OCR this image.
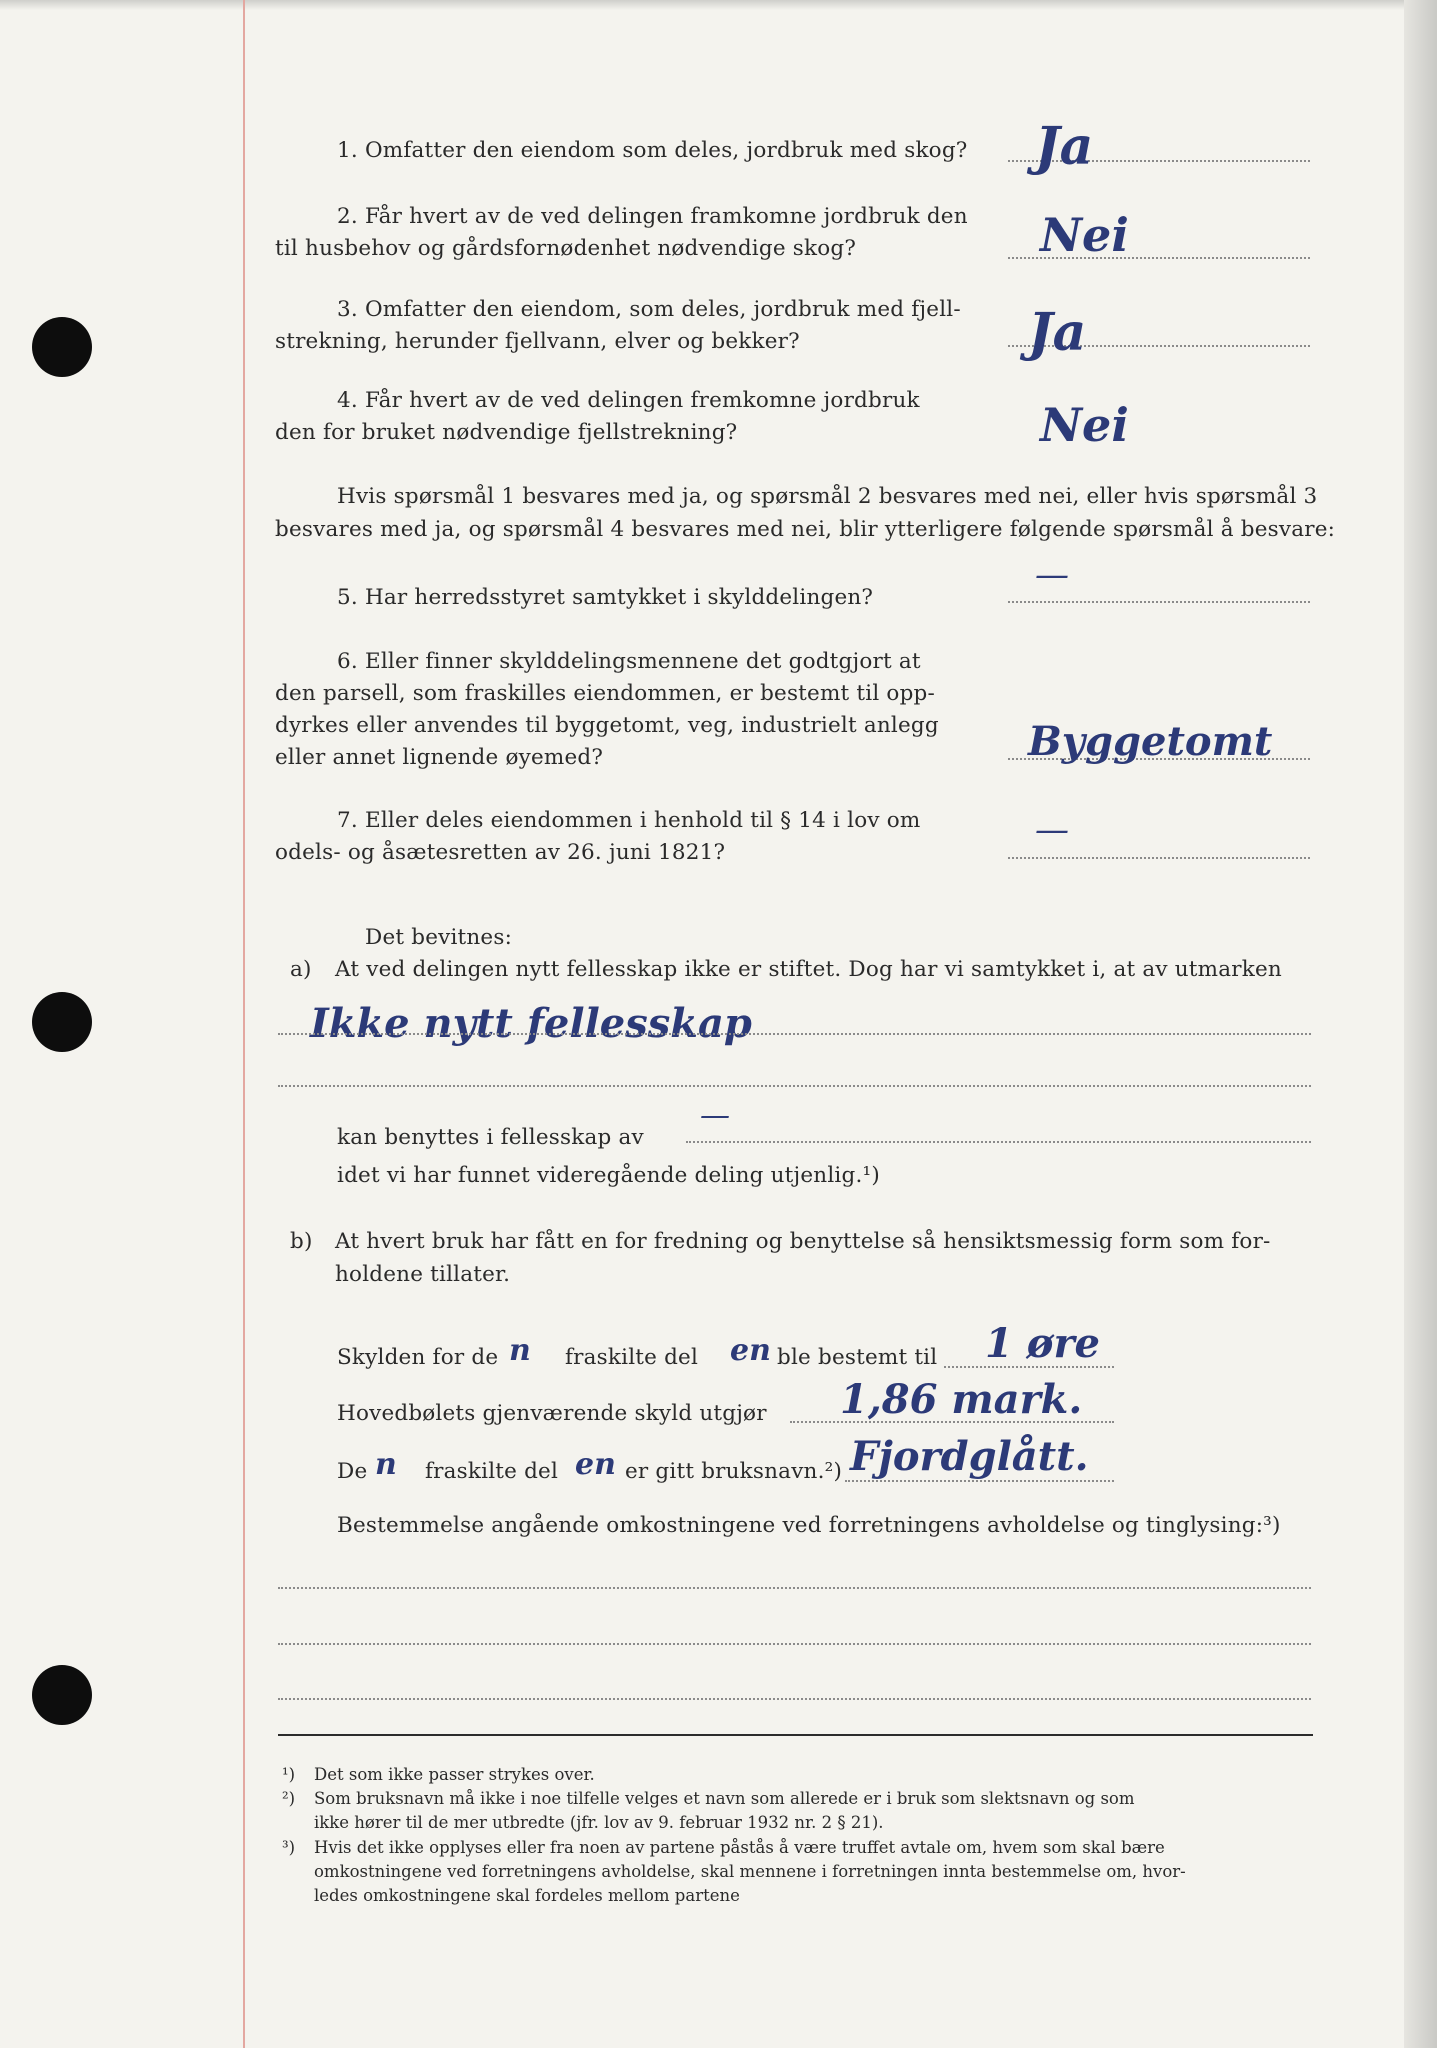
1. Omfatter den eiendom som deles, jordbruk med skog? Ja
2. Får hvert av de ved delingen framkomne jordbruk den
til husbehov og gårdsfornødenhet nødvendige skog?	Nei
3. Omfatter den eiendom, som deles, jordbruk med fjell-
strekning, herunder fjellvann, elver og bekker?	Ja
4. Får hvert av de ved delingen fremkomne jordbruk
den for bruket nødvendige fjellstrekning?	Nei
Hvis spørsmål 1 besvares med ja, og spørsmål 2 besvares med nei, eller hvis spørsmål 3
besvares med ja, og spørsmål 4 besvares med nei, blir ytterligere følgende spørsmål å besvare:
5. Har herredsstyret samtykket i skylddelingen?
—
6. Eller finner skylddelingsmennene det godtgjort at
den parsell, som fraskilles eiendommen, er bestemt til opp-
dyrkes eller anvendes til byggetomt, veg, industrielt anlegg
eller annet lignende øyemed?	Byggetomt
7. Eller deles eiendommen i henhold til § 14 i lov om
odels- og åsætesretten av 26. juni 1821?
—
Det bevitnes:
a) At ved delingen nytt fellesskap ikke er stiftet. Dog har vi samtykket i, at av utmarken
Ikke nytt fellesskap
kan benyttes i fellesskap av
—
idet vi har funnet videregående deling utjenlig.¹)
b) At hvert bruk har fått en for fredning og benyttelse så hensiktsmessig form som for-
holdene tillater.
Skylden for de n fraskilte del en ble bestemt til 1 øre
Hovedbølets gjenværende skyld utgjør 1,86 mark.
De n fraskilte del en er gitt bruksnavn.²) Fjordglått.
Bestemmelse angående omkostningene ved forretningens avholdelse og tinglysing:³)
¹) Det som ikke passer strykes over.
²) Som bruksnavn må ikke i noe tilfelle velges et navn som allerede er i bruk som slektsnavn og som
ikke hører til de mer utbredte (jfr. lov av 9. februar 1932 nr. 2 § 21).
³) Hvis det ikke opplyses eller fra noen av partene påstås å være truffet avtale om, hvem som skal bære
omkostningene ved forretningens avholdelse, skal mennene i forretningen innta bestemmelse om, hvor-
ledes omkostningene skal fordeles mellom partene
